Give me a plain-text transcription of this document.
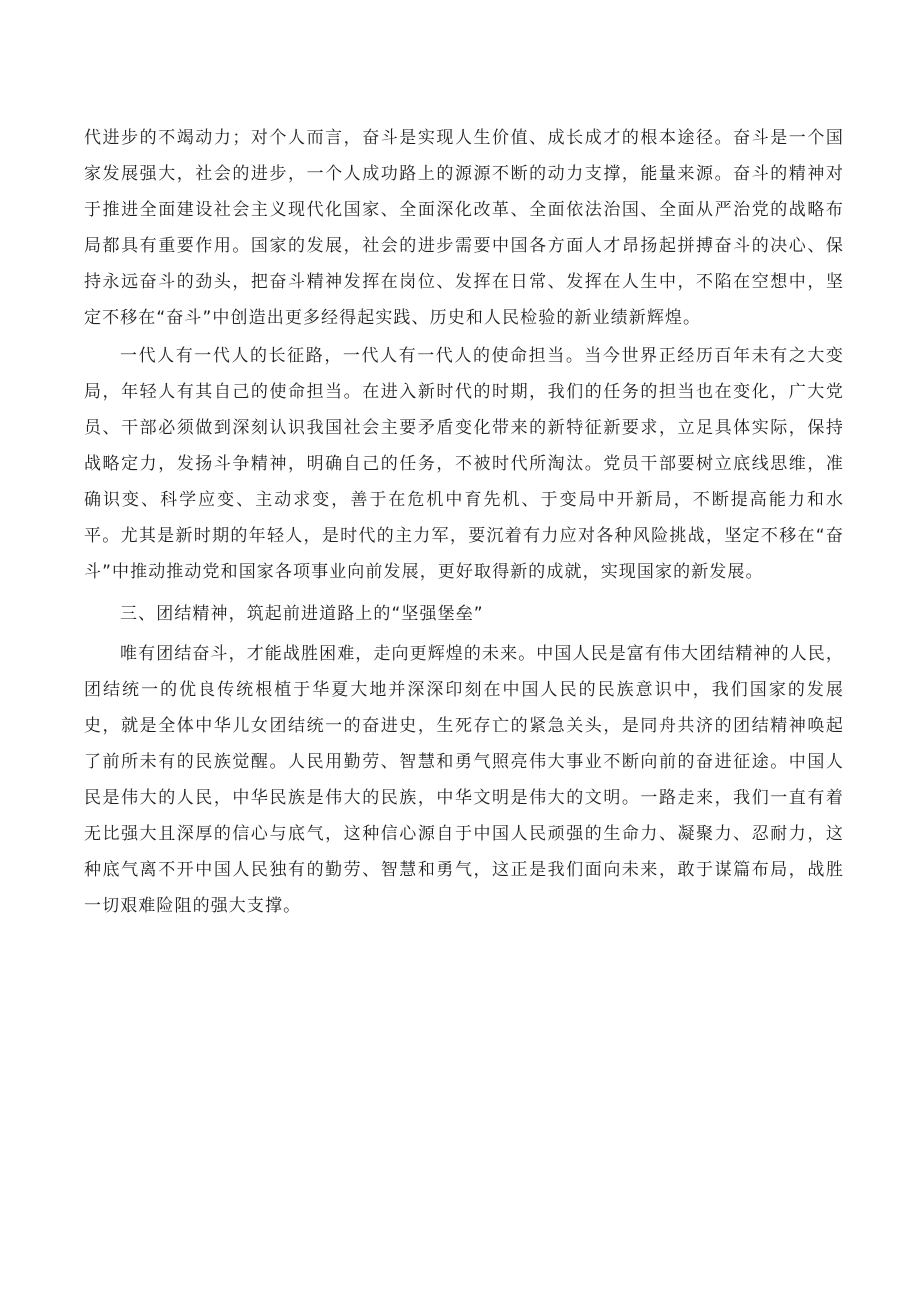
代进步的不竭动力；对个人而言，奋斗是实现人生价值、成长成才的根本途径。奋斗是一个国家发展强大，社会的进步，一个人成功路上的源源不断的动力支撑，能量来源。奋斗的精神对于推进全面建设社会主义现代化国家、全面深化改革、全面依法治国、全面从严治党的战略布局都具有重要作用。国家的发展，社会的进步需要中国各方面人才昂扬起拼搏奋斗的决心、保持永远奋斗的劲头，把奋斗精神发挥在岗位、发挥在日常、发挥在人生中，不陷在空想中，坚定不移在“奋斗”中创造出更多经得起实践、历史和人民检验的新业绩新辉煌。

一代人有一代人的长征路，一代人有一代人的使命担当。当今世界正经历百年未有之大变局，年轻人有其自己的使命担当。在进入新时代的时期，我们的任务的担当也在变化，广大党员、干部必须做到深刻认识我国社会主要矛盾变化带来的新特征新要求，立足具体实际，保持战略定力，发扬斗争精神，明确自己的任务，不被时代所淘汰。党员干部要树立底线思维，准确识变、科学应变、主动求变，善于在危机中育先机、于变局中开新局，不断提高能力和水平。尤其是新时期的年轻人，是时代的主力军，要沉着有力应对各种风险挑战，坚定不移在“奋斗”中推动推动党和国家各项事业向前发展，更好取得新的成就，实现国家的新发展。

三、团结精神，筑起前进道路上的“坚强堡垒”

唯有团结奋斗，才能战胜困难，走向更辉煌的未来。中国人民是富有伟大团结精神的人民，团结统一的优良传统根植于华夏大地并深深印刻在中国人民的民族意识中，我们国家的发展史，就是全体中华儿女团结统一的奋进史，生死存亡的紧急关头，是同舟共济的团结精神唤起了前所未有的民族觉醒。人民用勤劳、智慧和勇气照亮伟大事业不断向前的奋进征途。中国人民是伟大的人民，中华民族是伟大的民族，中华文明是伟大的文明。一路走来，我们一直有着无比强大且深厚的信心与底气，这种信心源自于中国人民顽强的生命力、凝聚力、忍耐力，这种底气离不开中国人民独有的勤劳、智慧和勇气，这正是我们面向未来，敢于谋篇布局，战胜一切艰难险阻的强大支撑。
